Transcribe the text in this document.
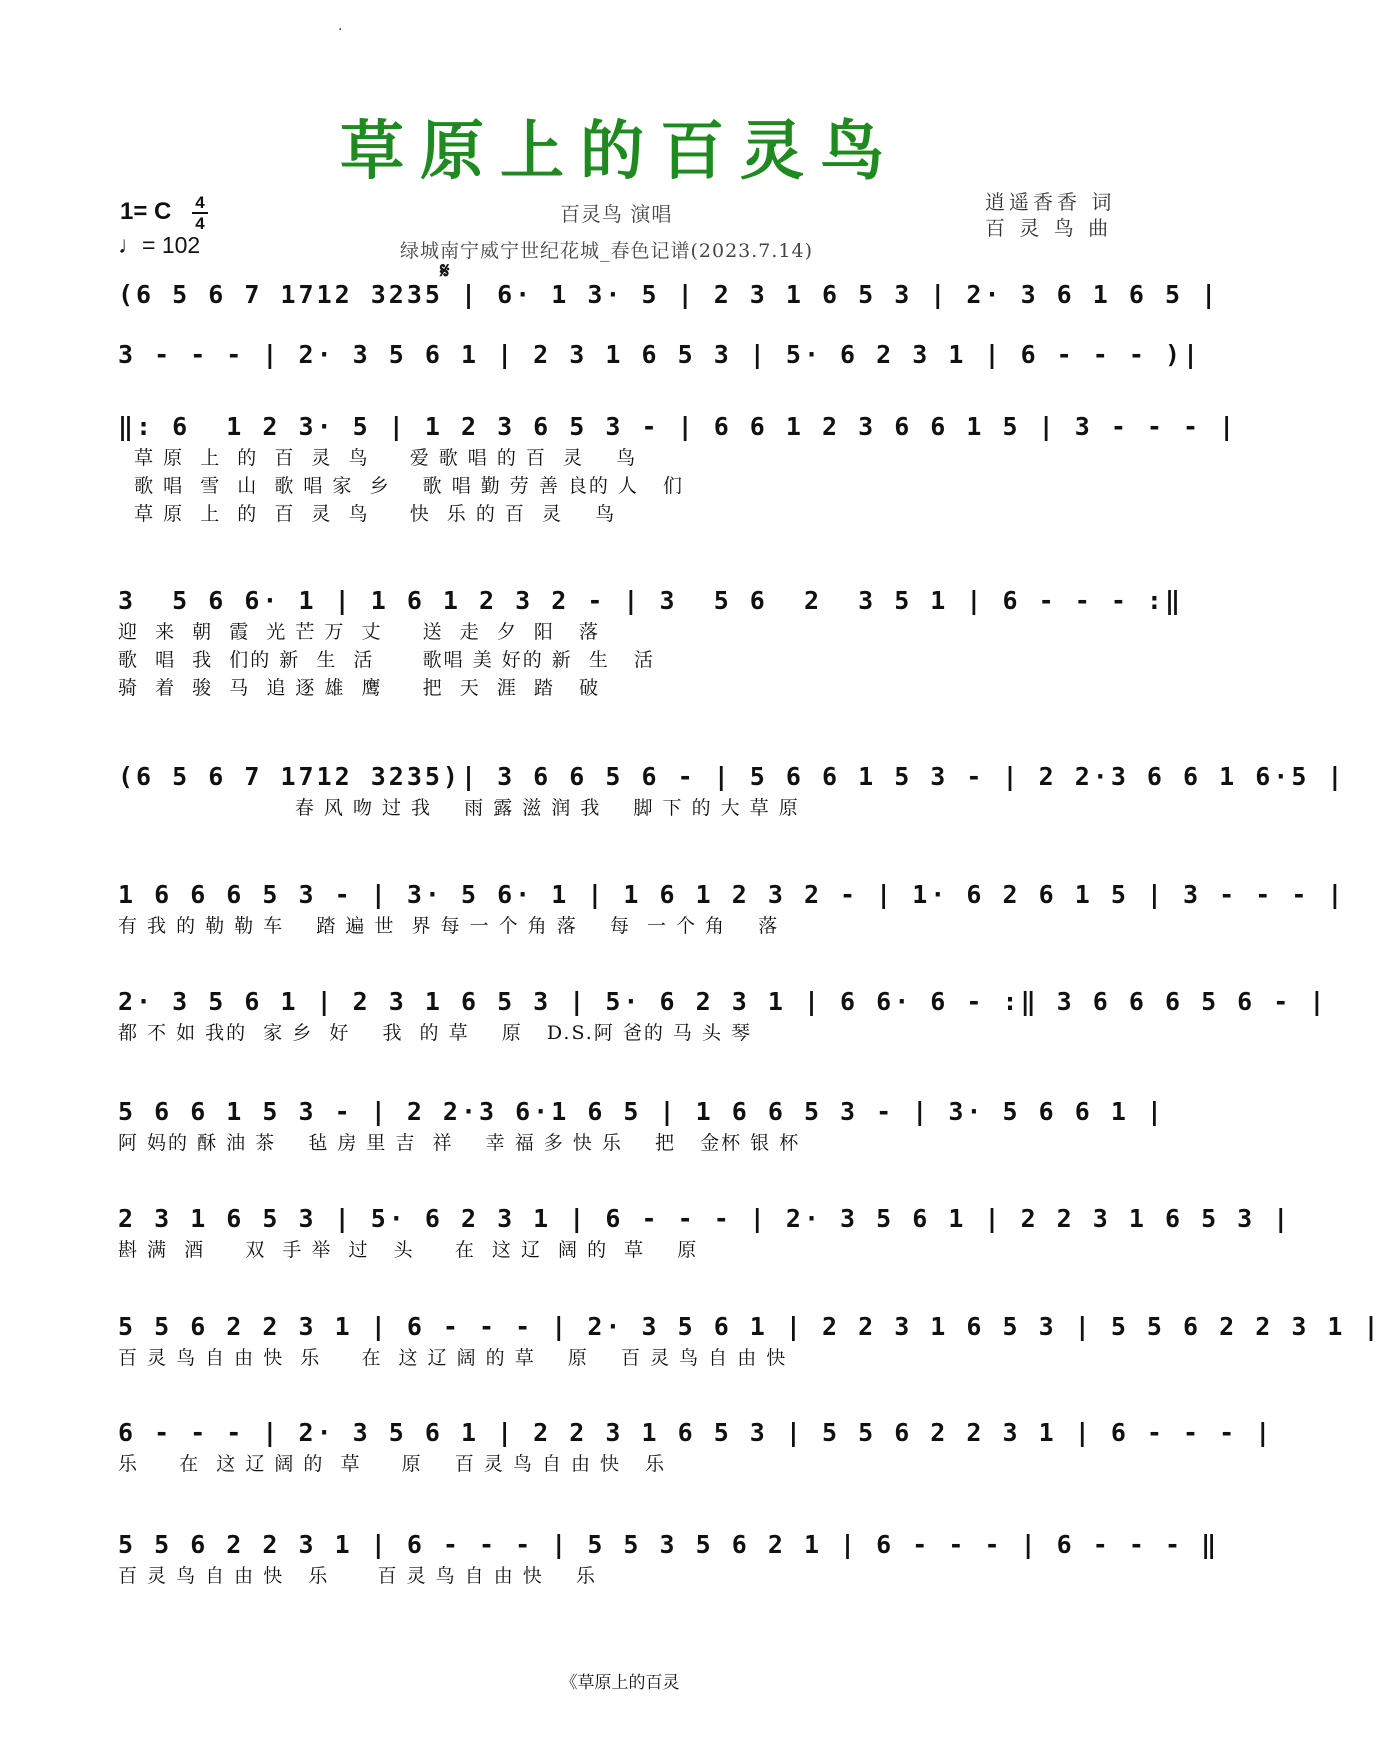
·
草原上的百灵鸟
1= C 4
4
♩= 102
百灵鸟 演唱
绿城南宁威宁世纪花城_春色记谱(2023.7.14)
逍遥香香 词
百 灵 鸟 曲
𝄋
(6 5 6 7 1712 3235 | 6· 1 3· 5 | 2 3 1 6 5 3 | 2· 3 6 1 6 5 |
3 - - - | 2· 3 5 6 1 | 2 3 1 6 5 3 | 5· 6 2 3 1 | 6 - - - )|
‖: 6  1 2 3· 5 | 1 2 3 6 5 3 - | 6 6 1 2 3 6 6 1 5 | 3 - - - |
草 原  上  的  百  灵  鸟     爱 歌 唱 的 百  灵    鸟
歌 唱  雪  山  歌 唱 家  乡    歌 唱 勤 劳 善 良的 人   们
草 原  上  的  百  灵  鸟     快  乐 的 百  灵    鸟
3  5 6 6· 1 | 1 6 1 2 3 2 - | 3  5 6  2  3 5 1 | 6 - - - :‖
迎  来  朝  霞  光 芒 万  丈     送  走  夕  阳   落
歌  唱  我  们的 新  生  活      歌唱 美 好的 新  生   活
骑  着  骏  马  追 逐 雄  鹰     把  天  涯  踏   破
(6 5 6 7 1712 3235)| 3 6 6 5 6 - | 5 6 6 1 5 3 - | 2 2·3 6 6 1 6·5 |
春 风 吻 过 我    雨 露 滋 润 我    脚 下 的 大 草 原
1 6 6 6 5 3 - | 3· 5 6· 1 | 1 6 1 2 3 2 - | 1· 6 2 6 1 5 | 3 - - - |
有 我 的 勒 勒 车    踏 遍 世  界 每 一 个 角 落    每  一 个 角    落
2· 3 5 6 1 | 2 3 1 6 5 3 | 5· 6 2 3 1 | 6 6· 6 - :‖ 3 6 6 6 5 6 - |
都 不 如 我的  家 乡  好    我  的 草    原   D.S.阿 爸的 马 头 琴
5 6 6 1 5 3 - | 2 2·3 6·1 6 5 | 1 6 6 5 3 - | 3· 5 6 6 1 |
阿 妈的 酥 油 茶    毡 房 里 吉  祥    幸 福 多 快 乐    把   金杯 银 杯
2 3 1 6 5 3 | 5· 6 2 3 1 | 6 - - - | 2· 3 5 6 1 | 2 2 3 1 6 5 3 |
斟 满  酒     双  手 举  过   头     在  这 辽  阔 的  草    原
5 5 6 2 2 3 1 | 6 - - - | 2· 3 5 6 1 | 2 2 3 1 6 5 3 | 5 5 6 2 2 3 1 |
百 灵 鸟 自 由 快  乐     在  这 辽 阔 的 草    原    百 灵 鸟 自 由 快
6 - - - | 2· 3 5 6 1 | 2 2 3 1 6 5 3 | 5 5 6 2 2 3 1 | 6 - - - |
乐     在  这 辽 阔 的  草     原    百 灵 鸟 自 由 快   乐
5 5 6 2 2 3 1 | 6 - - - | 5 5 3 5 6 2 1 | 6 - - - | 6 - - - ‖
百 灵 鸟 自 由 快   乐      百 灵 鸟 自 由 快    乐
《草原上的百灵
